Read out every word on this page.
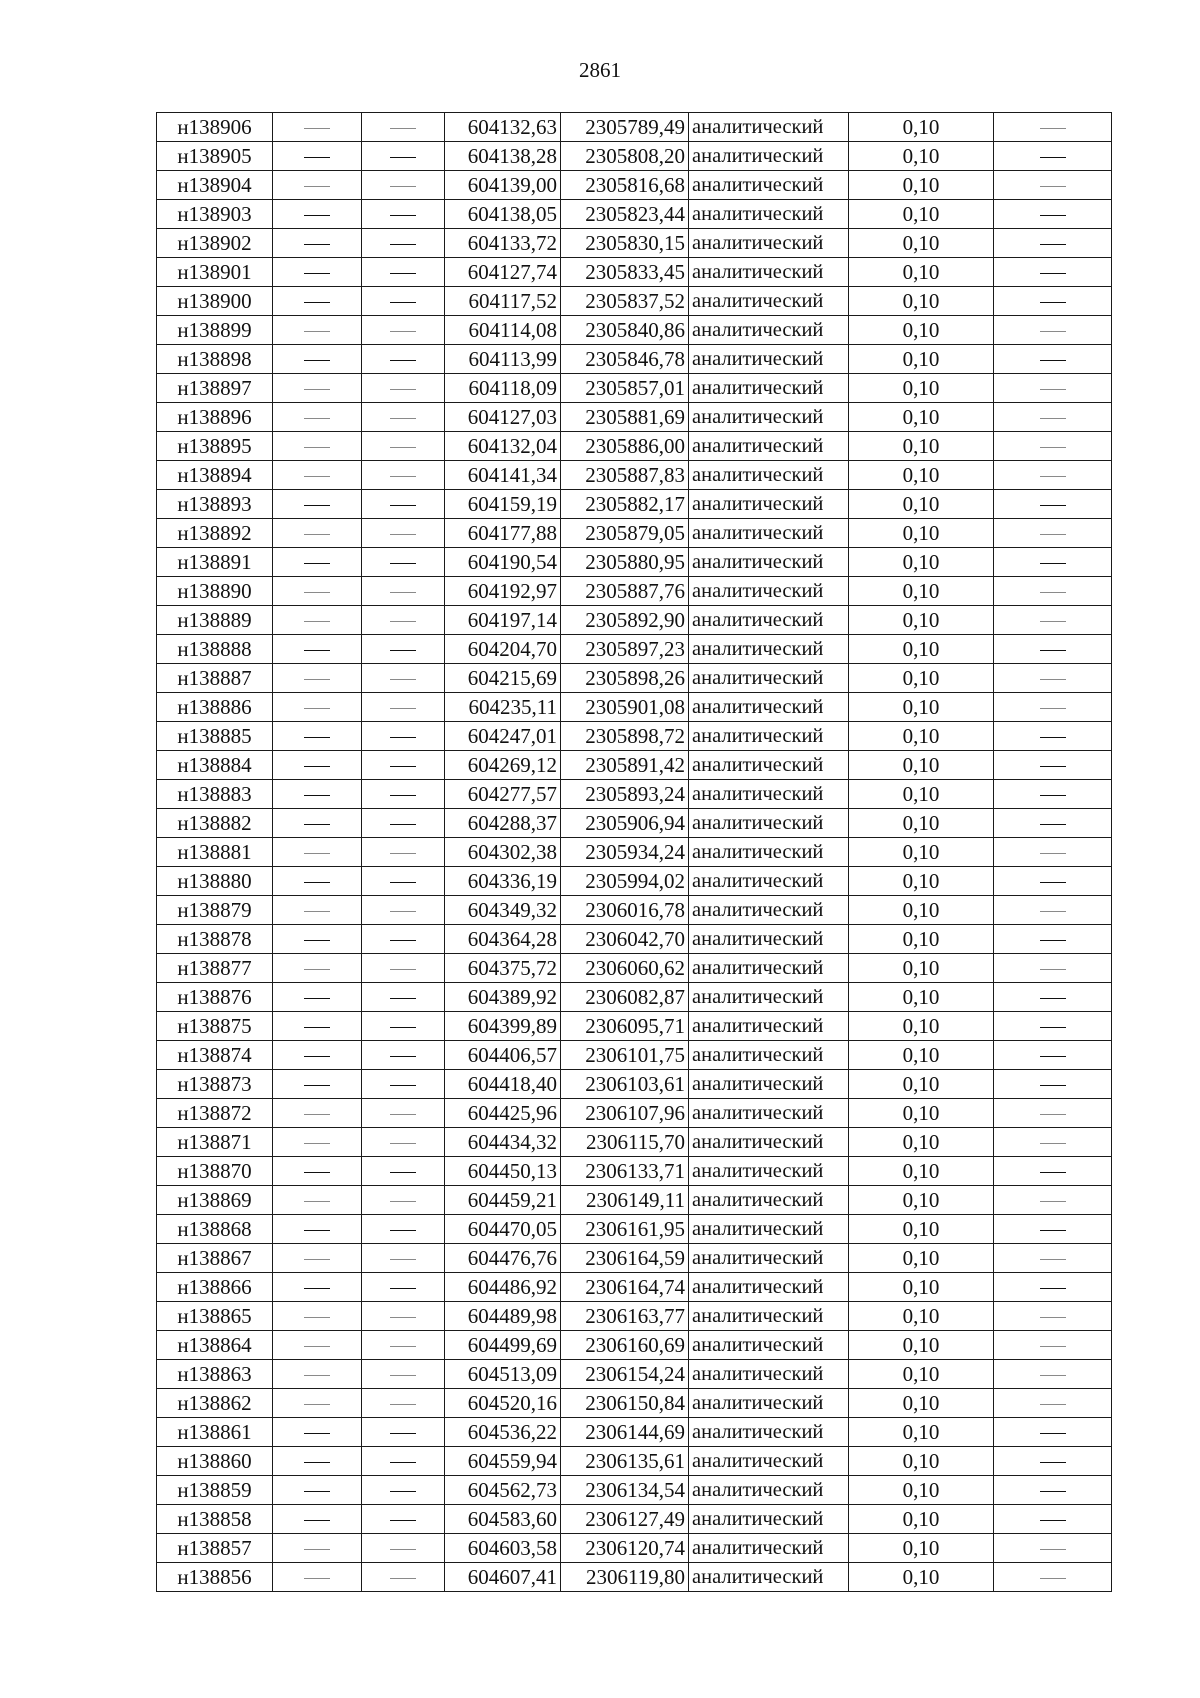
2861
н138906			604132,63	2305789,49	аналитический	0,10	
н138905			604138,28	2305808,20	аналитический	0,10	
н138904			604139,00	2305816,68	аналитический	0,10	
н138903			604138,05	2305823,44	аналитический	0,10	
н138902			604133,72	2305830,15	аналитический	0,10	
н138901			604127,74	2305833,45	аналитический	0,10	
н138900			604117,52	2305837,52	аналитический	0,10	
н138899			604114,08	2305840,86	аналитический	0,10	
н138898			604113,99	2305846,78	аналитический	0,10	
н138897			604118,09	2305857,01	аналитический	0,10	
н138896			604127,03	2305881,69	аналитический	0,10	
н138895			604132,04	2305886,00	аналитический	0,10	
н138894			604141,34	2305887,83	аналитический	0,10	
н138893			604159,19	2305882,17	аналитический	0,10	
н138892			604177,88	2305879,05	аналитический	0,10	
н138891			604190,54	2305880,95	аналитический	0,10	
н138890			604192,97	2305887,76	аналитический	0,10	
н138889			604197,14	2305892,90	аналитический	0,10	
н138888			604204,70	2305897,23	аналитический	0,10	
н138887			604215,69	2305898,26	аналитический	0,10	
н138886			604235,11	2305901,08	аналитический	0,10	
н138885			604247,01	2305898,72	аналитический	0,10	
н138884			604269,12	2305891,42	аналитический	0,10	
н138883			604277,57	2305893,24	аналитический	0,10	
н138882			604288,37	2305906,94	аналитический	0,10	
н138881			604302,38	2305934,24	аналитический	0,10	
н138880			604336,19	2305994,02	аналитический	0,10	
н138879			604349,32	2306016,78	аналитический	0,10	
н138878			604364,28	2306042,70	аналитический	0,10	
н138877			604375,72	2306060,62	аналитический	0,10	
н138876			604389,92	2306082,87	аналитический	0,10	
н138875			604399,89	2306095,71	аналитический	0,10	
н138874			604406,57	2306101,75	аналитический	0,10	
н138873			604418,40	2306103,61	аналитический	0,10	
н138872			604425,96	2306107,96	аналитический	0,10	
н138871			604434,32	2306115,70	аналитический	0,10	
н138870			604450,13	2306133,71	аналитический	0,10	
н138869			604459,21	2306149,11	аналитический	0,10	
н138868			604470,05	2306161,95	аналитический	0,10	
н138867			604476,76	2306164,59	аналитический	0,10	
н138866			604486,92	2306164,74	аналитический	0,10	
н138865			604489,98	2306163,77	аналитический	0,10	
н138864			604499,69	2306160,69	аналитический	0,10	
н138863			604513,09	2306154,24	аналитический	0,10	
н138862			604520,16	2306150,84	аналитический	0,10	
н138861			604536,22	2306144,69	аналитический	0,10	
н138860			604559,94	2306135,61	аналитический	0,10	
н138859			604562,73	2306134,54	аналитический	0,10	
н138858			604583,60	2306127,49	аналитический	0,10	
н138857			604603,58	2306120,74	аналитический	0,10	
н138856			604607,41	2306119,80	аналитический	0,10	
